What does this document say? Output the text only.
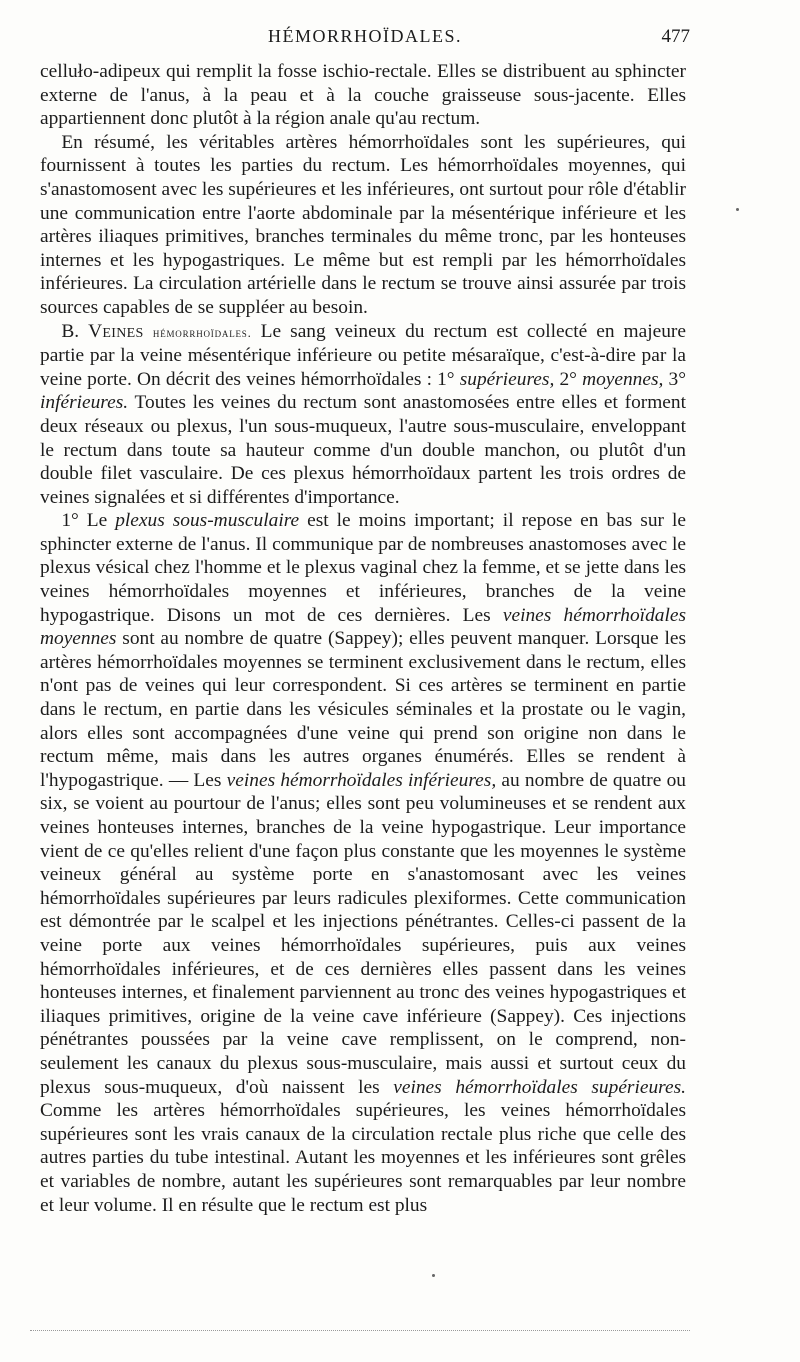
HÉMORRHOÏDALES.	477

celluło-adipeux qui remplit la fosse ischio-rectale. Elles se distribuent au sphincter externe de l'anus, à la peau et à la couche graisseuse sous-jacente. Elles appartiennent donc plutôt à la région anale qu'au rectum.

En résumé, les véritables artères hémorrhoïdales sont les supérieures, qui fournissent à toutes les parties du rectum. Les hémorrhoïdales moyennes, qui s'anastomosent avec les supérieures et les inférieures, ont surtout pour rôle d'établir une communication entre l'aorte abdominale par la mésentérique inférieure et les artères iliaques primitives, branches terminales du même tronc, par les honteuses internes et les hypogastriques. Le même but est rempli par les hémorrhoïdales inférieures. La circulation artérielle dans le rectum se trouve ainsi assurée par trois sources capables de se suppléer au besoin.

B. Veines hémorrhoïdales. Le sang veineux du rectum est collecté en majeure partie par la veine mésentérique inférieure ou petite mésaraïque, c'est-à-dire par la veine porte. On décrit des veines hémorrhoïdales : 1° supérieures, 2° moyennes, 3° inférieures. Toutes les veines du rectum sont anastomosées entre elles et forment deux réseaux ou plexus, l'un sous-muqueux, l'autre sous-musculaire, enveloppant le rectum dans toute sa hauteur comme d'un double manchon, ou plutôt d'un double filet vasculaire. De ces plexus hémorrhoïdaux partent les trois ordres de veines signalées et si différentes d'importance.

1° Le plexus sous-musculaire est le moins important; il repose en bas sur le sphincter externe de l'anus. Il communique par de nombreuses anastomoses avec le plexus vésical chez l'homme et le plexus vaginal chez la femme, et se jette dans les veines hémorrhoïdales moyennes et inférieures, branches de la veine hypogastrique. Disons un mot de ces dernières. Les veines hémorrhoïdales moyennes sont au nombre de quatre (Sappey); elles peuvent manquer. Lorsque les artères hémorrhoïdales moyennes se terminent exclusivement dans le rectum, elles n'ont pas de veines qui leur correspondent. Si ces artères se terminent en partie dans le rectum, en partie dans les vésicules séminales et la prostate ou le vagin, alors elles sont accompagnées d'une veine qui prend son origine non dans le rectum même, mais dans les autres organes énumérés. Elles se rendent à l'hypogastrique. — Les veines hémorrhoïdales inférieures, au nombre de quatre ou six, se voient au pourtour de l'anus; elles sont peu volumineuses et se rendent aux veines honteuses internes, branches de la veine hypogastrique. Leur importance vient de ce qu'elles relient d'une façon plus constante que les moyennes le système veineux général au système porte en s'anastomosant avec les veines hémorrhoïdales supérieures par leurs radicules plexiformes. Cette communication est démontrée par le scalpel et les injections pénétrantes. Celles-ci passent de la veine porte aux veines hémorrhoïdales supérieures, puis aux veines hémorrhoïdales inférieures, et de ces dernières elles passent dans les veines honteuses internes, et finalement parviennent au tronc des veines hypogastriques et iliaques primitives, origine de la veine cave inférieure (Sappey). Ces injections pénétrantes poussées par la veine cave remplissent, on le comprend, non-seulement les canaux du plexus sous-musculaire, mais aussi et surtout ceux du plexus sous-muqueux, d'où naissent les veines hémorrhoïdales supérieures. Comme les artères hémorrhoïdales supérieures, les veines hémorrhoïdales supérieures sont les vrais canaux de la circulation rectale plus riche que celle des autres parties du tube intestinal. Autant les moyennes et les inférieures sont grêles et variables de nombre, autant les supérieures sont remarquables par leur nombre et leur volume. Il en résulte que le rectum est plus
